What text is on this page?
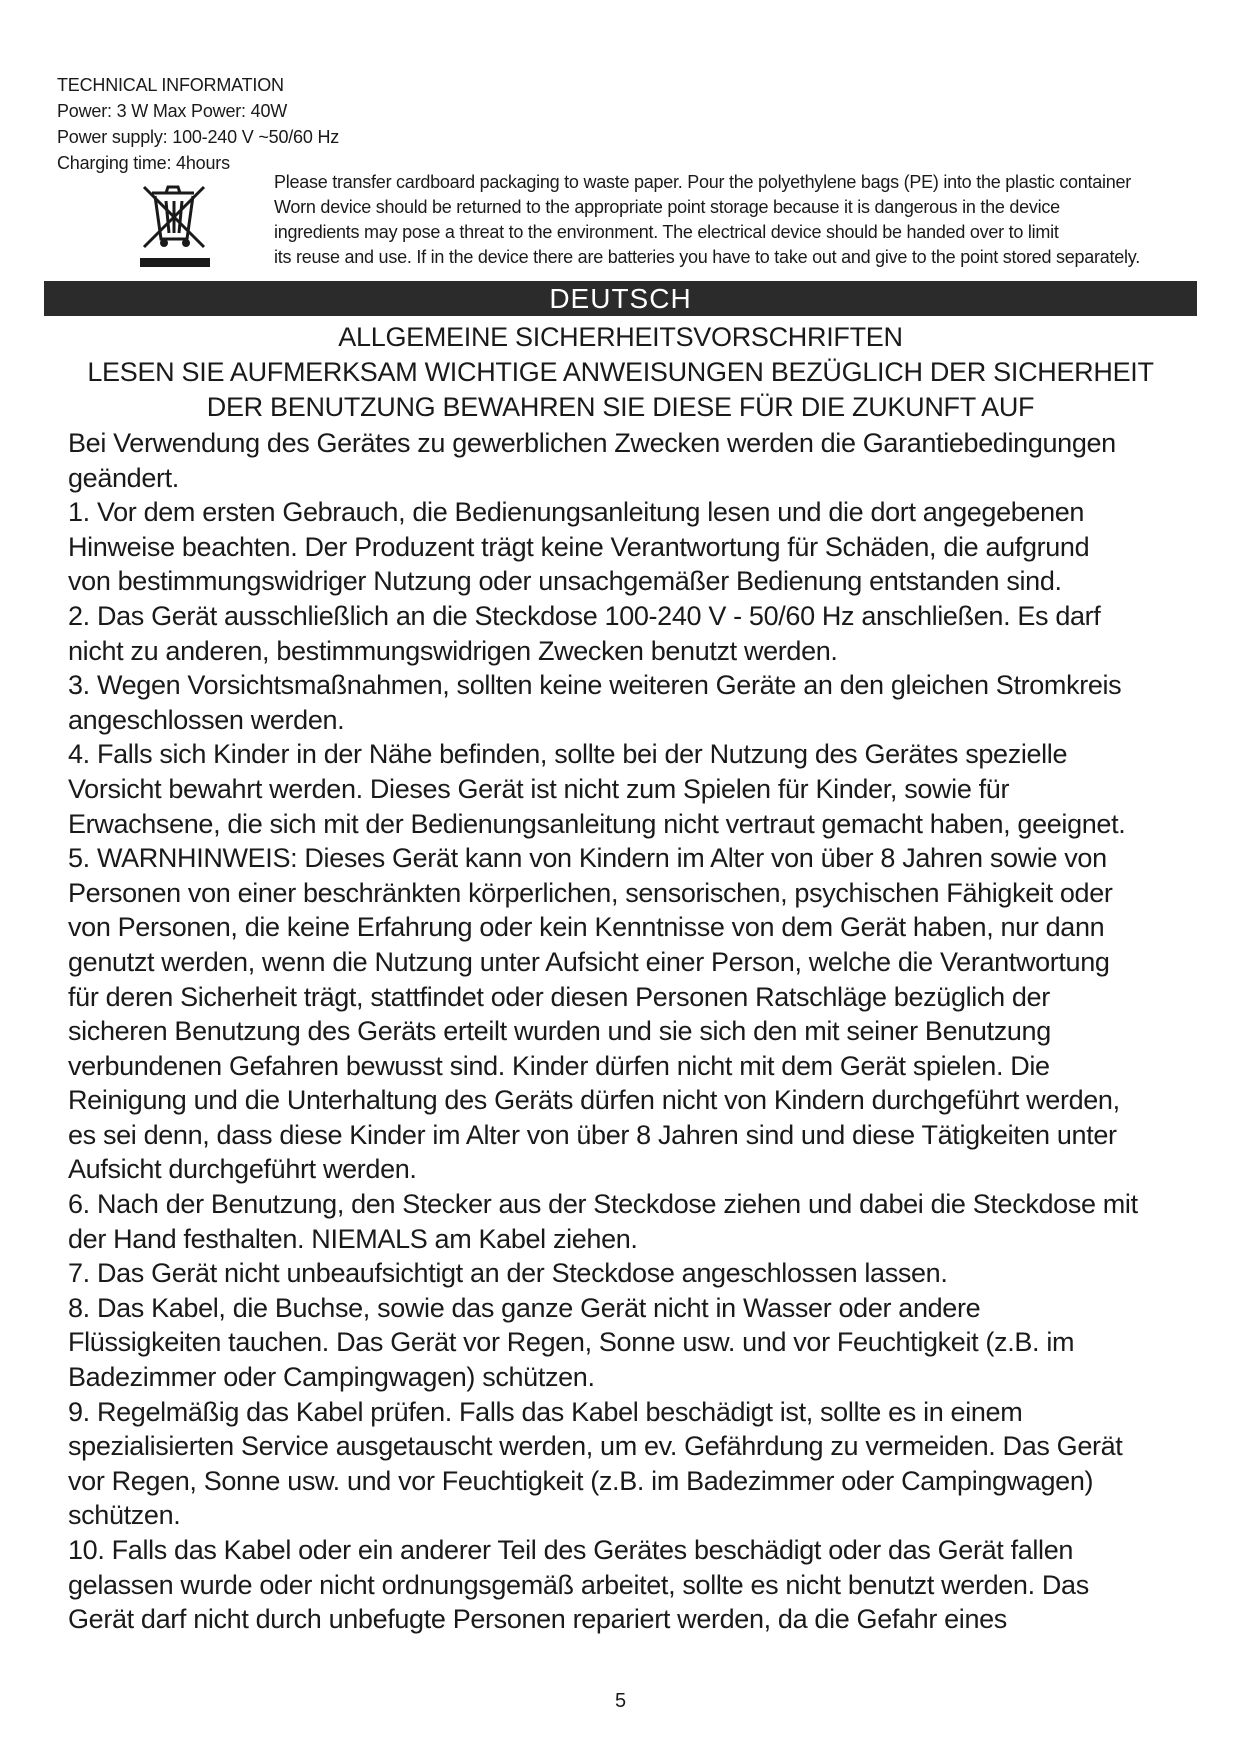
TECHNICAL INFORMATION
Power: 3 W Max Power: 40W
Power supply: 100-240 V ~50/60 Hz
Charging time: 4hours
Please transfer cardboard packaging to waste paper. Pour the polyethylene bags (PE) into the plastic container
Worn device should be returned to the appropriate point storage because it is dangerous in the device
ingredients may pose a threat to the environment. The electrical device should be handed over to limit
its reuse and use. If in the device there are batteries you have to take out and give to the point stored separately.
DEUTSCH
ALLGEMEINE SICHERHEITSVORSCHRIFTEN
LESEN SIE AUFMERKSAM WICHTIGE ANWEISUNGEN BEZÜGLICH DER SICHERHEIT
DER BENUTZUNG BEWAHREN SIE DIESE FÜR DIE ZUKUNFT AUF
Bei Verwendung des Gerätes zu gewerblichen Zwecken werden die Garantiebedingungen
geändert.
1. Vor dem ersten Gebrauch, die Bedienungsanleitung lesen und die dort angegebenen
Hinweise beachten. Der Produzent trägt keine Verantwortung für Schäden, die aufgrund
von bestimmungswidriger Nutzung oder unsachgemäßer Bedienung entstanden sind.
2. Das Gerät ausschließlich an die Steckdose 100-240 V - 50/60 Hz anschließen. Es darf
nicht zu anderen, bestimmungswidrigen Zwecken benutzt werden.
3. Wegen Vorsichtsmaßnahmen, sollten keine weiteren Geräte an den gleichen Stromkreis
angeschlossen werden.
4. Falls sich Kinder in der Nähe befinden, sollte bei der Nutzung des Gerätes spezielle
Vorsicht bewahrt werden. Dieses Gerät ist nicht zum Spielen für Kinder, sowie für
Erwachsene, die sich mit der Bedienungsanleitung nicht vertraut gemacht haben, geeignet.
5. WARNHINWEIS: Dieses Gerät kann von Kindern im Alter von über 8 Jahren sowie von
Personen von einer beschränkten körperlichen, sensorischen, psychischen Fähigkeit oder
von Personen, die keine Erfahrung oder kein Kenntnisse von dem Gerät haben, nur dann
genutzt werden, wenn die Nutzung unter Aufsicht einer Person, welche die Verantwortung
für deren Sicherheit trägt, stattfindet oder diesen Personen Ratschläge bezüglich der
sicheren Benutzung des Geräts erteilt wurden und sie sich den mit seiner Benutzung
verbundenen Gefahren bewusst sind. Kinder dürfen nicht mit dem Gerät spielen. Die
Reinigung und die Unterhaltung des Geräts dürfen nicht von Kindern durchgeführt werden,
es sei denn, dass diese Kinder im Alter von über 8 Jahren sind und diese Tätigkeiten unter
Aufsicht durchgeführt werden.
6. Nach der Benutzung, den Stecker aus der Steckdose ziehen und dabei die Steckdose mit
der Hand festhalten. NIEMALS am Kabel ziehen.
7. Das Gerät nicht unbeaufsichtigt an der Steckdose angeschlossen lassen.
8. Das Kabel, die Buchse, sowie das ganze Gerät nicht in Wasser oder andere
Flüssigkeiten tauchen. Das Gerät vor Regen, Sonne usw. und vor Feuchtigkeit (z.B. im
Badezimmer oder Campingwagen) schützen.
9. Regelmäßig das Kabel prüfen. Falls das Kabel beschädigt ist, sollte es in einem
spezialisierten Service ausgetauscht werden, um ev. Gefährdung zu vermeiden. Das Gerät
vor Regen, Sonne usw. und vor Feuchtigkeit (z.B. im Badezimmer oder Campingwagen)
schützen.
10. Falls das Kabel oder ein anderer Teil des Gerätes beschädigt oder das Gerät fallen
gelassen wurde oder nicht ordnungsgemäß arbeitet, sollte es nicht benutzt werden. Das
Gerät darf nicht durch unbefugte Personen repariert werden, da die Gefahr eines
5
